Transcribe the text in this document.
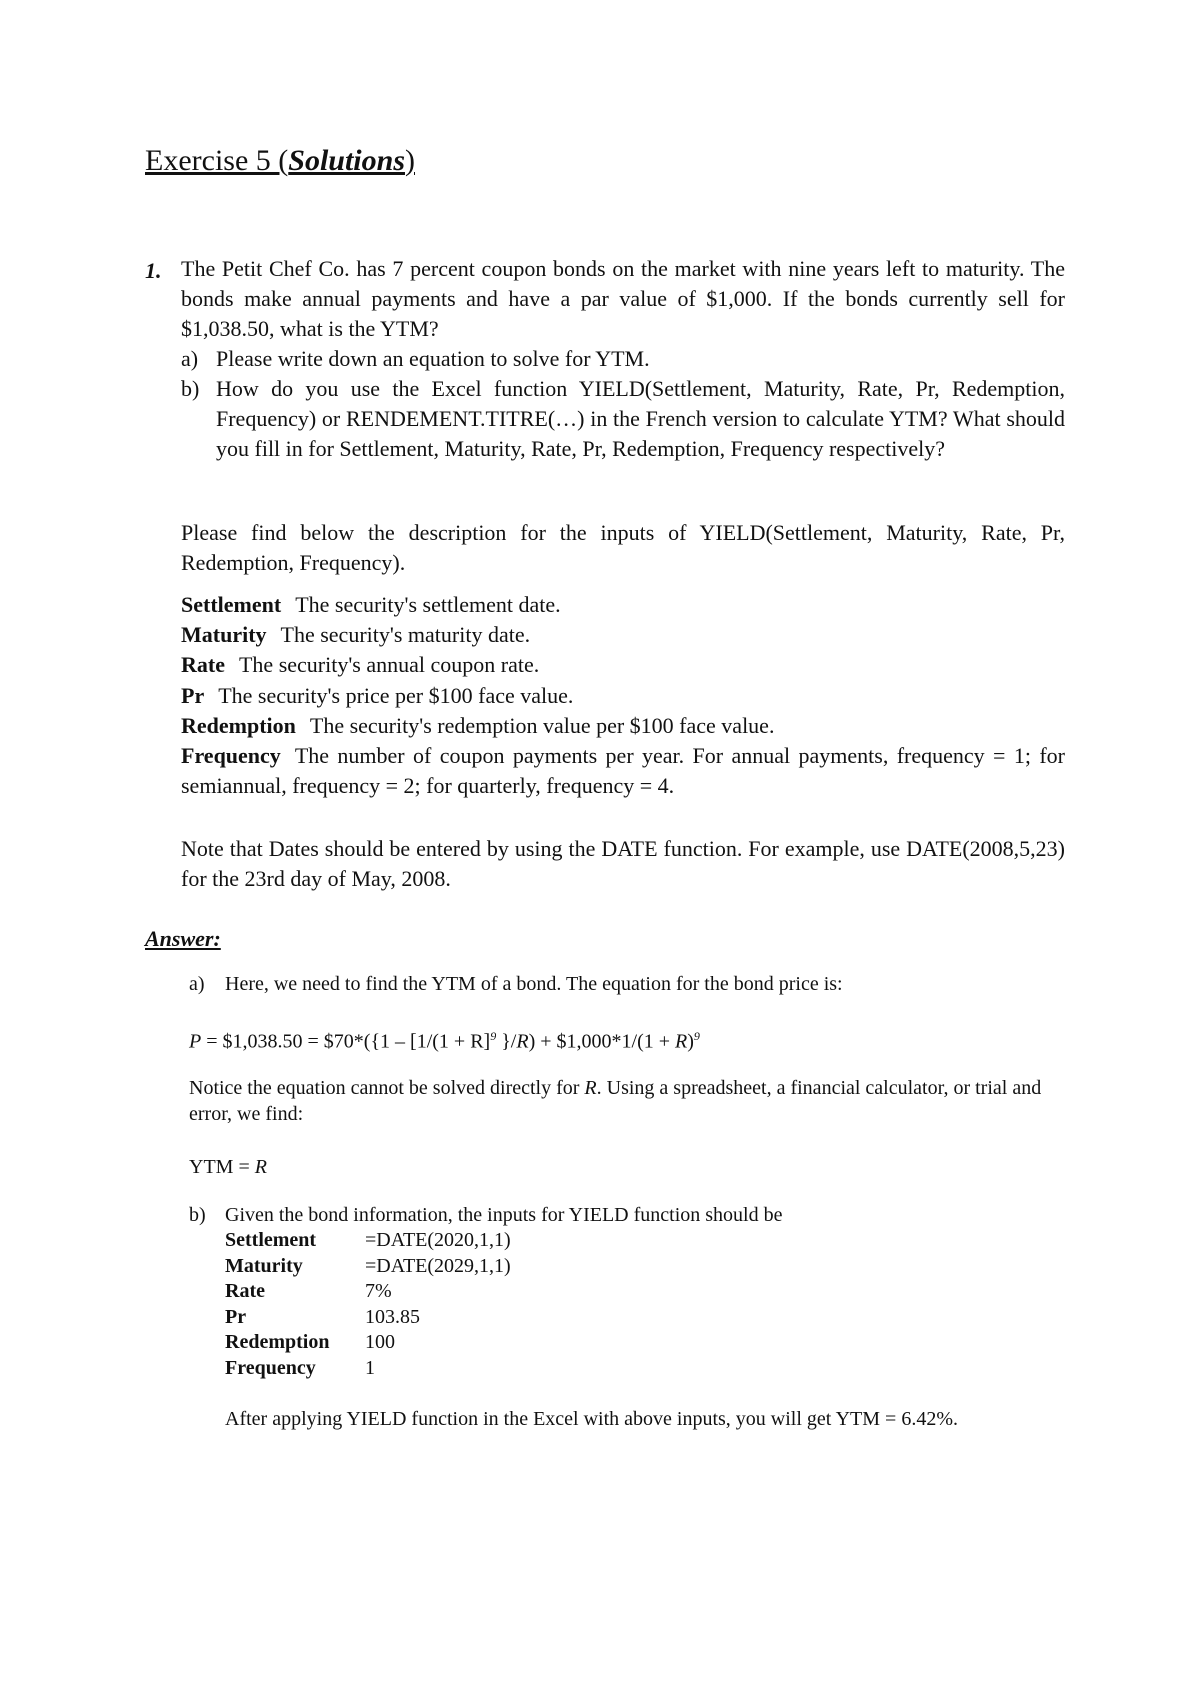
Exercise 5 (Solutions)
1. The Petit Chef Co. has 7 percent coupon bonds on the market with nine years left to maturity. The bonds make annual payments and have a par value of $1,000. If the bonds currently sell for $1,038.50, what is the YTM?

a) Please write down an equation to solve for YTM.

b) How do you use the Excel function YIELD(Settlement, Maturity, Rate, Pr, Redemption, Frequency) or RENDEMENT.TITRE(…) in the French version to calculate YTM? What should you fill in for Settlement, Maturity, Rate, Pr, Redemption, Frequency respectively?

Please find below the description for the inputs of YIELD(Settlement, Maturity, Rate, Pr, Redemption, Frequency).

Settlement The security's settlement date.

Maturity The security's maturity date.

Rate The security's annual coupon rate.

Pr The security's price per $100 face value.

Redemption The security's redemption value per $100 face value.

Frequency The number of coupon payments per year. For annual payments, frequency = 1; for semiannual, frequency = 2; for quarterly, frequency = 4.

Note that Dates should be entered by using the DATE function. For example, use DATE(2008,5,23) for the 23rd day of May, 2008.

Answer:

a) Here, we need to find the YTM of a bond. The equation for the bond price is:

P = $1,038.50 = $70*({1 – [$1/(1 + R]^9$ }/R) + $1,000*1/(1 + R)$^9$

Notice the equation cannot be solved directly for R. Using a spreadsheet, a financial calculator, or trial and error, we find:

YTM = R

b) Given the bond information, the inputs for YIELD function should be

Settlement	=DATE(2020,1,1)
Maturity	=DATE(2029,1,1)
Rate	7%
Pr	103.85
Redemption	100
Frequency	1
After applying YIELD function in the Excel with above inputs, you will get YTM = 6.42%.
